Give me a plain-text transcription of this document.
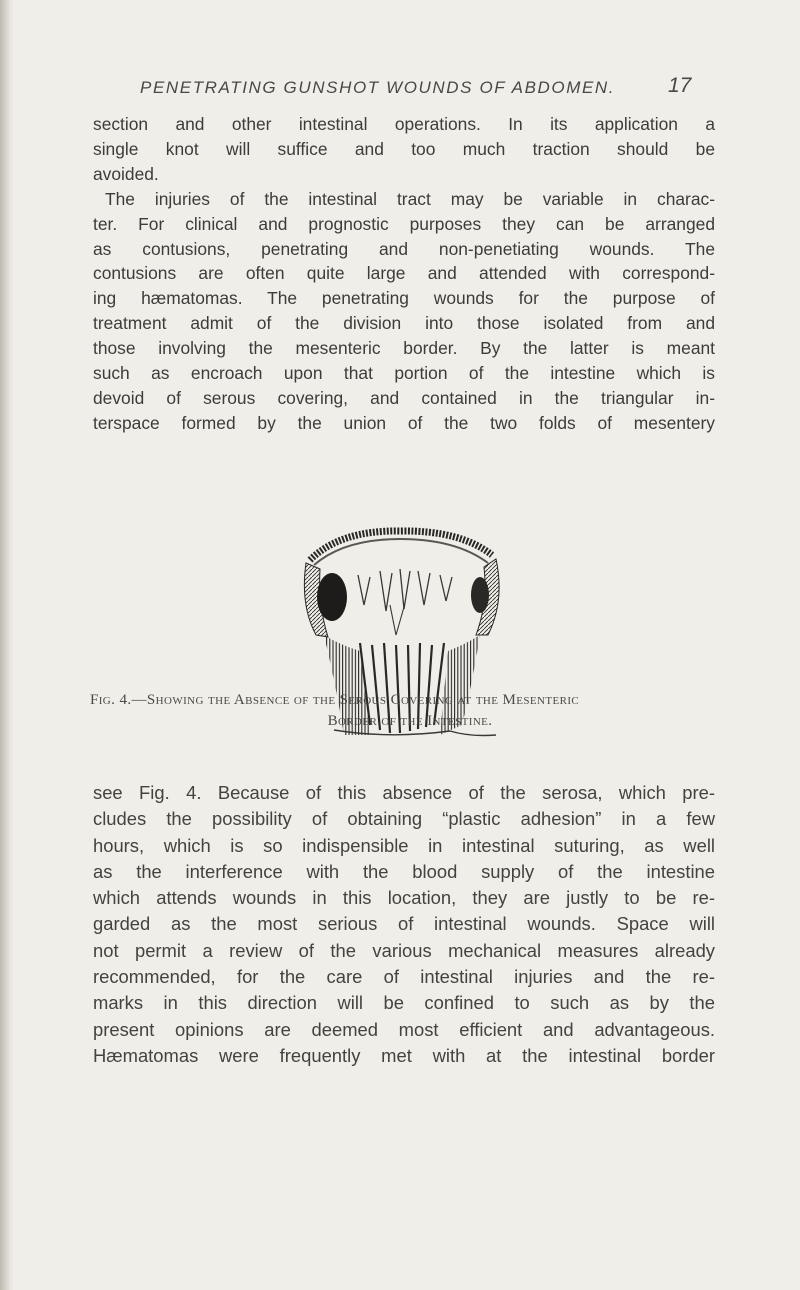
PENETRATING GUNSHOT WOUNDS OF ABDOMEN.	17
section and other intestinal operations. In its application a
single knot will suffice and too much traction should be
avoided.
The injuries of the intestinal tract may be variable in charac-
ter. For clinical and prognostic purposes they can be arranged
as contusions, penetrating and non-penetiating wounds. The
contusions are often quite large and attended with correspond-
ing hæmatomas. The penetrating wounds for the purpose of
treatment admit of the division into those isolated from and
those involving the mesenteric border. By the latter is meant
such as encroach upon that portion of the intestine which is
devoid of serous covering, and contained in the triangular in-
terspace formed by the union of the two folds of mesentery
Fig. 4.—Showing the Absence of the Serous Covering at the Mesenteric
Border of the Intestine.
see Fig. 4. Because of this absence of the serosa, which pre-
cludes the possibility of obtaining “plastic adhesion” in a few
hours, which is so indispensible in intestinal suturing, as well
as the interference with the blood supply of the intestine
which attends wounds in this location, they are justly to be re-
garded as the most serious of intestinal wounds. Space will
not permit a review of the various mechanical measures already
recommended, for the care of intestinal injuries and the re-
marks in this direction will be confined to such as by the
present opinions are deemed most efficient and advantageous.
Hæmatomas were frequently met with at the intestinal border
